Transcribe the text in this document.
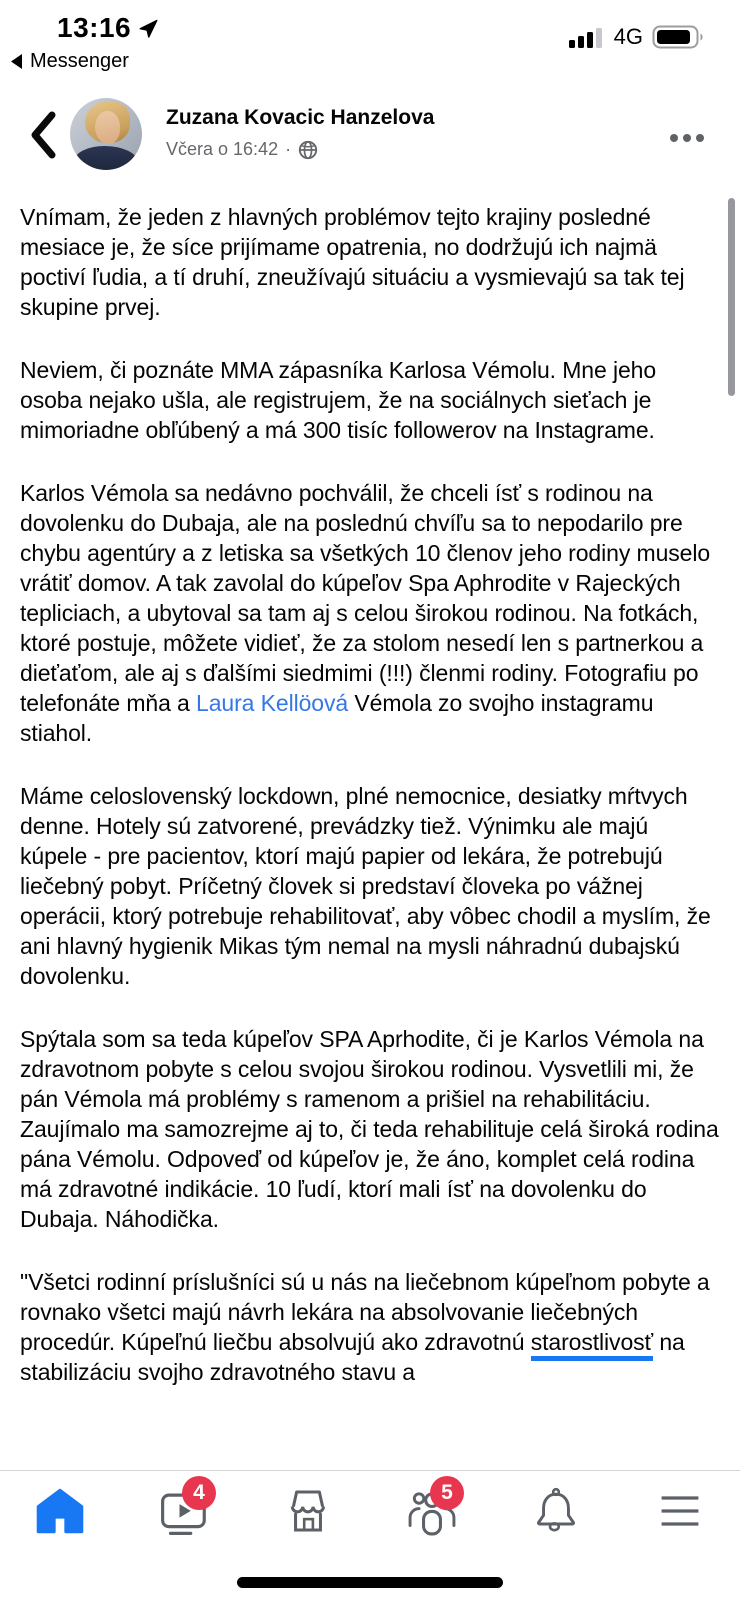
13:16
Messenger
4G
Zuzana Kovacic Hanzelova
Včera o 16:42 ·

Vnímam, že jeden z hlavných problémov tejto krajiny posledné mesiace je, že síce prijímame opatrenia, no dodržujú ich najmä poctiví ľudia, a tí druhí, zneužívajú situáciu a vysmievajú sa tak tej skupine prvej.

Neviem, či poznáte MMA zápasníka Karlosa Vémolu. Mne jeho osoba nejako ušla, ale registrujem, že na sociálnych sieťach je mimoriadne obľúbený a má 300 tisíc followerov na Instagrame.

Karlos Vémola sa nedávno pochválil, že chceli ísť s rodinou na dovolenku do Dubaja, ale na poslednú chvíľu sa to nepodarilo pre chybu agentúry a z letiska sa všetkých 10 členov jeho rodiny muselo vrátiť domov. A tak zavolal do kúpeľov Spa Aphrodite v Rajeckých tepliciach, a ubytoval sa tam aj s celou širokou rodinou. Na fotkách, ktoré postuje, môžete vidieť, že za stolom nesedí len s partnerkou a dieťaťom, ale aj s ďalšími siedmimi (!!!) členmi rodiny. Fotografiu po telefonáte mňa a Laura Kellöová Vémola zo svojho instagramu stiahol.

Máme celoslovenský lockdown, plné nemocnice, desiatky mŕtvych denne. Hotely sú zatvorené, prevádzky tiež. Výnimku ale majú kúpele - pre pacientov, ktorí majú papier od lekára, že potrebujú liečebný pobyt. Príčetný človek si predstaví človeka po vážnej operácii, ktorý potrebuje rehabilitovať, aby vôbec chodil a myslím, že ani hlavný hygienik Mikas tým nemal na mysli náhradnú dubajskú dovolenku.

Spýtala som sa teda kúpeľov SPA Aprhodite, či je Karlos Vémola na zdravotnom pobyte s celou svojou širokou rodinou. Vysvetlili mi, že pán Vémola má problémy s ramenom a prišiel na rehabilitáciu. Zaujímalo ma samozrejme aj to, či teda rehabilituje celá široká rodina pána Vémolu. Odpoveď od kúpeľov je, že áno, komplet celá rodina má zdravotné indikácie. 10 ľudí, ktorí mali ísť na dovolenku do Dubaja. Náhodička.

"Všetci rodinní príslušníci sú u nás na liečebnom kúpeľnom pobyte a rovnako všetci majú návrh lekára na absolvovanie liečebných procedúr. Kúpeľnú liečbu absolvujú ako zdravotnú starostlivosť na stabilizáciu svojho zdravotného stavu a

4	5
